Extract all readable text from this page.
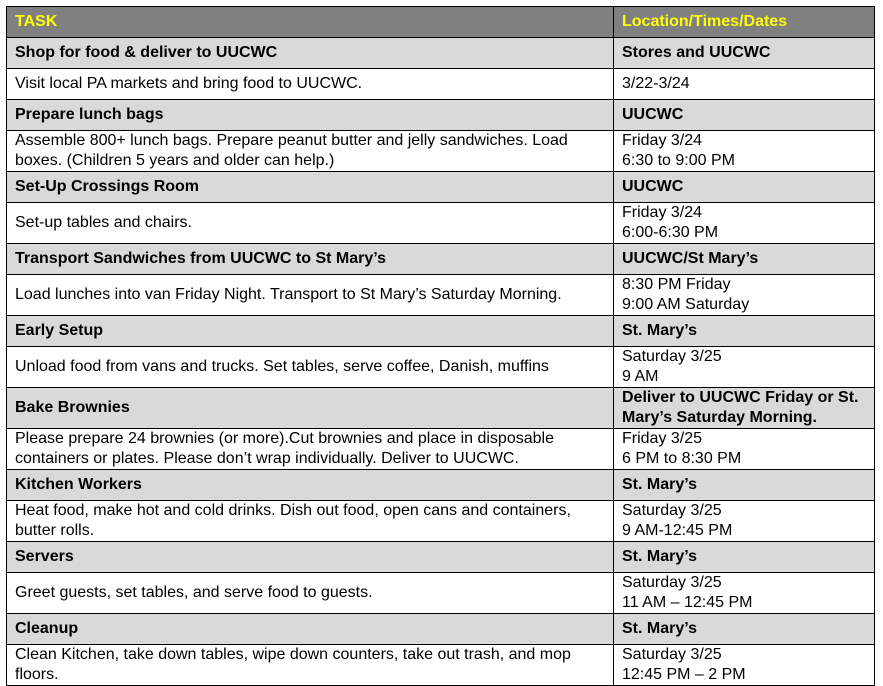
TASK	Location/Times/Dates
Shop for food & deliver to UUCWC	Stores and UUCWC
Visit local PA markets and bring food to UUCWC.	3/22-3/24

Prepare lunch bags	UUCWC
Assemble 800+ lunch bags. Prepare peanut butter and jelly sandwiches. Load boxes. (Children 5 years and older can help.)	Friday 3/24
6:30 to 9:00 PM

Set-Up Crossings Room	UUCWC
Set-up tables and chairs.	Friday 3/24
6:00-6:30 PM

Transport Sandwiches from UUCWC to St Mary’s	UUCWC/St Mary’s
Load lunches into van Friday Night. Transport to St Mary’s Saturday Morning.	8:30 PM Friday
9:00 AM Saturday

Early Setup	St. Mary’s
Unload food from vans and trucks. Set tables, serve coffee, Danish, muffins	Saturday 3/25
9 AM

Bake Brownies	Deliver to UUCWC Friday or St. Mary’s Saturday Morning.
Please prepare 24 brownies (or more).Cut brownies and place in disposable containers or plates. Please don’t wrap individually. Deliver to UUCWC.	Friday 3/25
6 PM to 8:30 PM

Kitchen Workers	St. Mary’s
Heat food, make hot and cold drinks. Dish out food, open cans and containers, butter rolls.	Saturday 3/25
9 AM-12:45 PM

Servers	St. Mary’s
Greet guests, set tables, and serve food to guests.	Saturday 3/25
11 AM – 12:45 PM

Cleanup	St. Mary’s
Clean Kitchen, take down tables, wipe down counters, take out trash, and mop floors.	Saturday 3/25
12:45 PM – 2 PM
